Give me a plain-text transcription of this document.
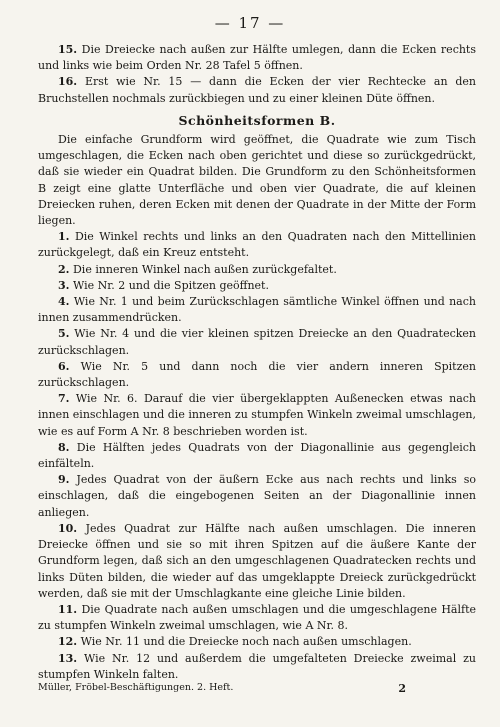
— 17 —

15. Die Dreiecke nach außen zur Hälfte umlegen, dann die Ecken rechts und links wie beim Orden Nr. 28 Tafel 5 öffnen.

16. Erst wie Nr. 15 — dann die Ecken der vier Rechtecke an den Bruchstellen nochmals zurückbiegen und zu einer kleinen Düte öffnen.

Schönheitsformen B.

Die einfache Grundform wird geöffnet, die Quadrate wie zum Tisch umgeschlagen, die Ecken nach oben gerichtet und diese so zurückgedrückt, daß sie wieder ein Quadrat bilden. Die Grundform zu den Schönheitsformen B zeigt eine glatte Unterfläche und oben vier Quadrate, die auf kleinen Dreiecken ruhen, deren Ecken mit denen der Quadrate in der Mitte der Form liegen.

1. Die Winkel rechts und links an den Quadraten nach den Mittellinien zurückgelegt, daß ein Kreuz entsteht.

2. Die inneren Winkel nach außen zurückgefaltet.

3. Wie Nr. 2 und die Spitzen geöffnet.

4. Wie Nr. 1 und beim Zurückschlagen sämtliche Winkel öffnen und nach innen zusammendrücken.

5. Wie Nr. 4 und die vier kleinen spitzen Dreiecke an den Quadratecken zurückschlagen.

6. Wie Nr. 5 und dann noch die vier andern inneren Spitzen zurückschlagen.

7. Wie Nr. 6. Darauf die vier übergeklappten Außenecken etwas nach innen einschlagen und die inneren zu stumpfen Winkeln zweimal umschlagen, wie es auf Form A Nr. 8 beschrieben worden ist.

8. Die Hälften jedes Quadrats von der Diagonallinie aus gegengleich einfälteln.

9. Jedes Quadrat von der äußern Ecke aus nach rechts und links so einschlagen, daß die eingebogenen Seiten an der Diagonallinie innen anliegen.

10. Jedes Quadrat zur Hälfte nach außen umschlagen. Die inneren Dreiecke öffnen und sie so mit ihren Spitzen auf die äußere Kante der Grundform legen, daß sich an den umgeschlagenen Quadratecken rechts und links Düten bilden, die wieder auf das umgeklappte Dreieck zurückgedrückt werden, daß sie mit der Umschlagkante eine gleiche Linie bilden.

11. Die Quadrate nach außen umschlagen und die umgeschlagene Hälfte zu stumpfen Winkeln zweimal umschlagen, wie A Nr. 8.

12. Wie Nr. 11 und die Dreiecke noch nach außen umschlagen.

13. Wie Nr. 12 und außerdem die umgefalteten Dreiecke zweimal zu stumpfen Winkeln falten.

Müller, Fröbel-Beschäftigungen. 2. Heft.	2
